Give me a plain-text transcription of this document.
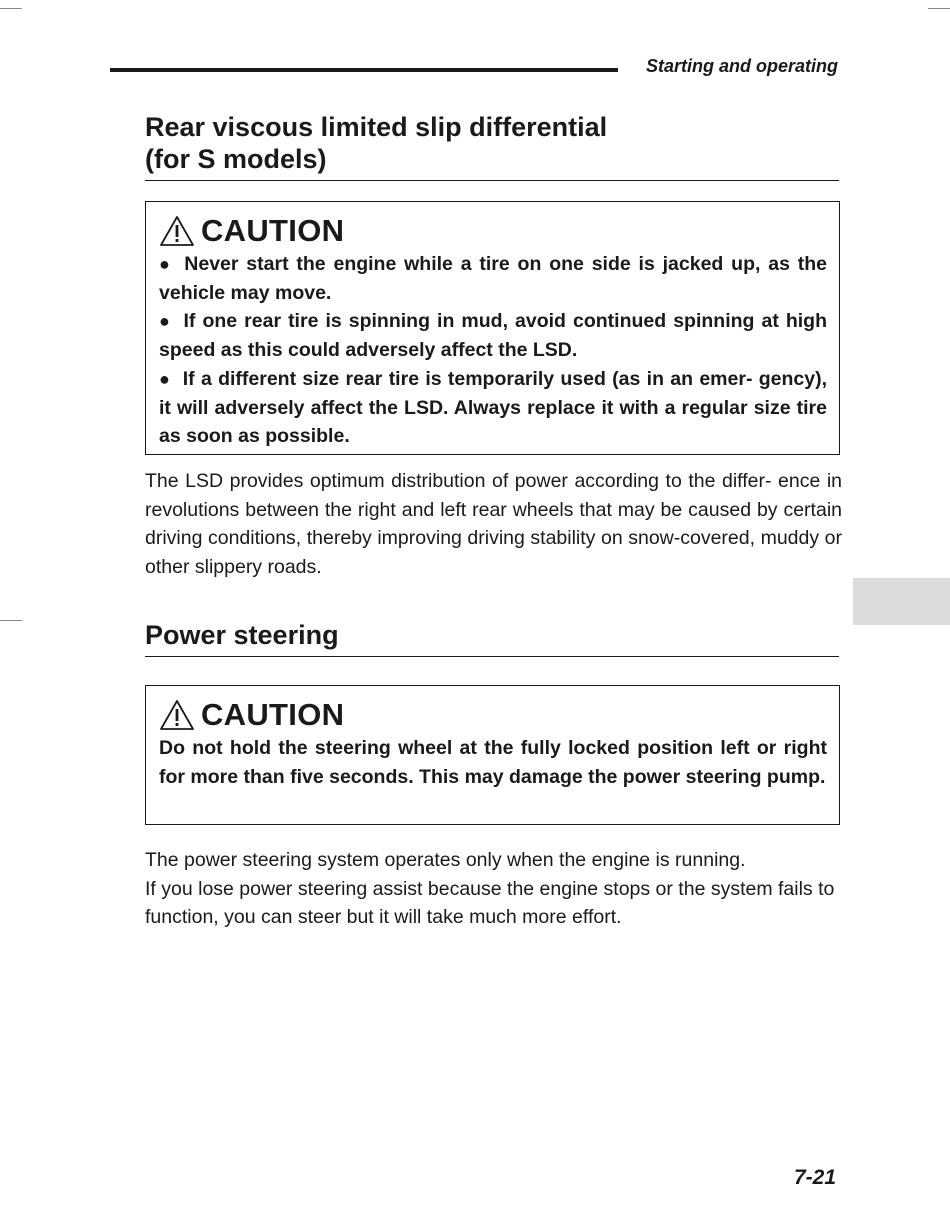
Starting and operating
Rear viscous limited slip differential
(for S models)
CAUTION
● Never start the engine while a tire on one side is jacked up, as the vehicle may move.
● If one rear tire is spinning in mud, avoid continued spinning at high speed as this could adversely affect the LSD.
● If a different size rear tire is temporarily used (as in an emer- gency), it will adversely affect the LSD. Always replace it with a regular size tire as soon as possible.
The LSD provides optimum distribution of power according to the differ- ence in revolutions between the right and left rear wheels that may be caused by certain driving conditions, thereby improving driving stability on snow-covered, muddy or other slippery roads.
Power steering
CAUTION
Do not hold the steering wheel at the fully locked position left or right for more than five seconds. This may damage the power steering pump.
The power steering system operates only when the engine is running.
If you lose power steering assist because the engine stops or the system fails to function, you can steer but it will take much more effort.
7-21
